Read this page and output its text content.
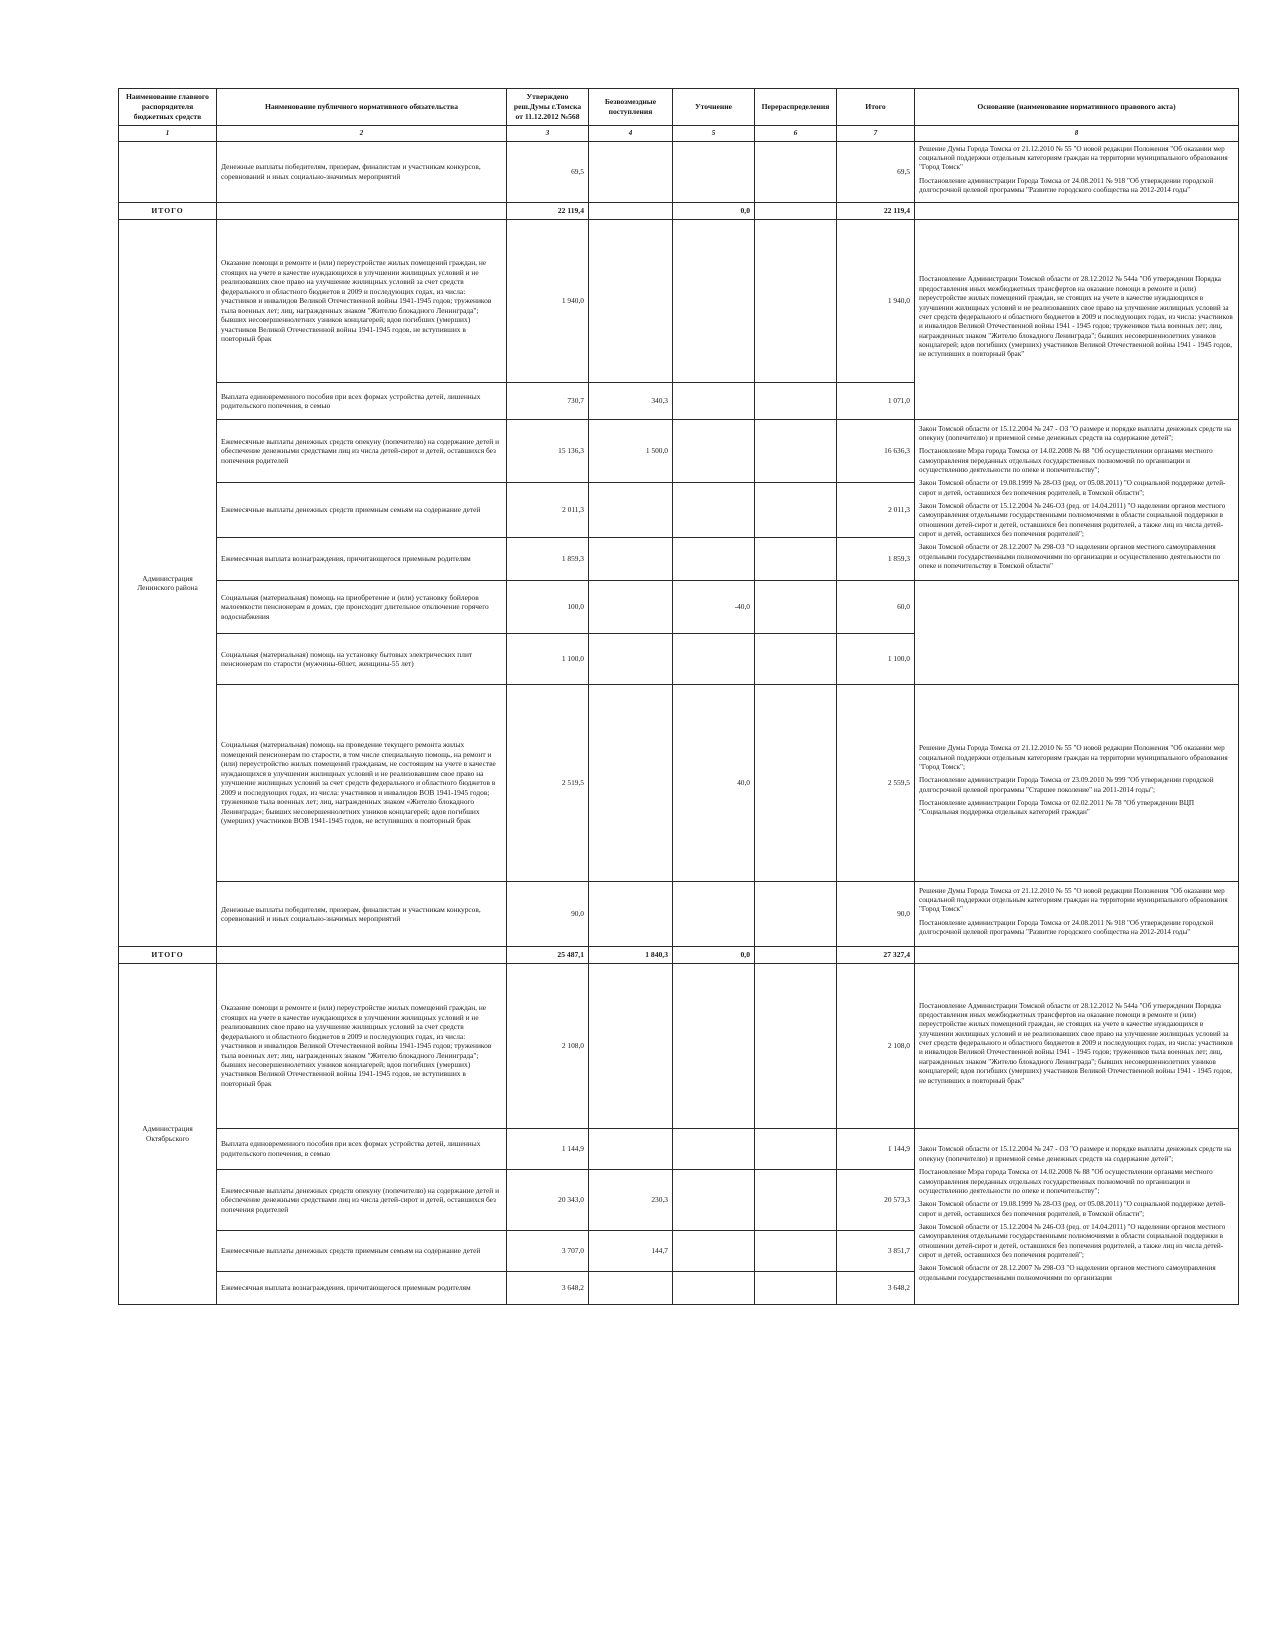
Наименование главного распорядителя бюджетных средств	Наименование публичного нормативного обязательства	Утверждено реш.Думы г.Томска от 11.12.2012 №568	Безвозмездные поступления	Уточнение	Перераспределения	Итого	Основание (наименование нормативного правового акта)
1	2	3	4	5	6	7	8
	Денежные выплаты победителям, призерам, финалистам и участникам конкурсов, соревнований и иных социально-значимых мероприятий	69,5				69,5	Решение Думы Города Томска от 21.12.2010 № 55 "О новой редакции Положения "Об оказании мер социальной поддержки отдельным категориям граждан на территории муниципального образования "Город Томск"

Постановление администрации Города Томска от 24.08.2011 № 918 "Об утверждении городской долгосрочной целевой программы "Развитие городского сообщества на 2012-2014 годы"

ИТОГО		22 119,4		0,0		22 119,4	
Администрация Ленинского района	Оказание помощи в ремонте и (или) переустройстве жилых помещений граждан, не стоящих на учете в качестве нуждающихся в улучшении жилищных условий и не реализовавших свое право на улучшение жилищных условий за счет средств федерального и областного бюджетов в 2009 и последующих годах, из числа: участников и инвалидов Великой Отечественной войны 1941-1945 годов; тружеников тыла военных лет; лиц, награжденных знаком "Жителю блокадного Ленинграда"; бывших несовершеннолетних узников концлагерей; вдов погибших (умерших) участников Великой Отечественной войны 1941-1945 годов, не вступивших в повторный брак	1 940,0				1 940,0	

Постановление Администрации Томской области от 28.12.2012 № 544а "Об утверждении Порядка предоставления иных межбюджетных трансфертов на оказание помощи в ремонте и (или) переустройстве жилых помещений граждан, не стоящих на учете в качестве нуждающихся в улучшении жилищных условий и не реализовавших свое право на улучшение жилищных условий за счет средств федерального и областного бюджетов в 2009 и последующих годах, из числа: участников и инвалидов Великой Отечественной войны 1941 - 1945 годов; тружеников тыла военных лет; лиц, награжденных знаком "Жителю блокадного Ленинграда"; бывших несовершеннолетних узников концлагерей; вдов погибших (умерших) участников Великой Отечественной войны 1941 - 1945 годов, не вступивших в повторный брак"

	Выплата единовременного пособия при всех формах устройства детей, лишенных родительского попечения, в семью	730,7	340,3			1 071,0	
	Ежемесячные выплаты денежных средств опекуну (попечителю) на содержание детей и обеспечение денежными средствами лиц из числа детей-сирот и детей, оставшихся без попечения родителей	15 136,3	1 500,0			16 636,3	Закон Томской области от 15.12.2004 № 247 - ОЗ "О размере и порядке выплаты денежных средств на опекуну (попечителю) и приемной семье денежных средств на содержание детей";

Постановление Мэра города Томска от 14.02.2008 № 88 "Об осуществлении органами местного самоуправления переданных отдельных государственных полномочий по организации и осуществлению деятельности по опеке и попечительству";

Закон Томской области от 19.08.1999 № 28-ОЗ (ред. от 05.08.2011) "О социальной поддержке детей-сирот и детей, оставшихся без попечения родителей, в Томской области";

Закон Томской области от 15.12.2004 № 246-ОЗ (ред. от 14.04.2011) "О наделении органов местного самоуправления отдельными государственными полномочиями в области социальной поддержки в отношении детей-сирот и детей, оставшихся без попечения родителей, а также лиц из числа детей-сирот и детей, оставшихся без попечения родителей";

Закон Томской области от 28.12.2007 № 298-ОЗ "О наделении органов местного самоуправления отдельными государственными полномочиями по организации и осуществлению деятельности по опеке и попечительству в Томской области"

	Ежемесячные выплаты денежных средств приемным семьям на содержание детей	2 011,3				2 011,3	
	Ежемесячная выплата вознаграждения, причитающегося приемным родителям	1 859,3				1 859,3	
	Социальная (материальная) помощь на приобретение и (или) установку бойлеров малоемкости пенсионерам в домах, где происходит длительное отключение горячего водоснабжения	100,0		-40,0		60,0	
	Социальная (материальная) помощь на установку бытовых электрических плит пенсионерам по старости (мужчины-60лет, женщины-55 лет)	1 100,0				1 100,0	
Социальная (материальная) помощь на проведение текущего ремонта жилых помещений пенсионерам по старости, в том числе специальную помощь, на ремонт и (или) переустройство жилых помещений гражданам, не состоящим на учете в качестве нуждающихся в улучшении жилищных условий и не реализовавшим свое право на улучшение жилищных условий за счет средств федерального и областного бюджетов в 2009 и последующих годах, из числа: участников и инвалидов ВОВ 1941-1945 годов; тружеников тыла военных лет; лиц, награжденных знаком «Жителю блокадного Ленинграда»; бывших несовершеннолетних узников концлагерей; вдов погибших (умерших) участников ВОВ 1941-1945 годов, не вступивших в повторный брак	2 519,5		40,0		2 559,5	

Решение Думы Города Томска от 21.12.2010 № 55 "О новой редакции Положения "Об оказании мер социальной поддержки отдельным категориям граждан на территории муниципального образования "Город Томск";

Постановление администрации Города Томска от 23.09.2010 № 999 "Об утверждении городской долгосрочной целевой программы "Старшее поколение" на 2011-2014 годы";

Постановление администрации Города Томска от 02.02.2011 № 78 "Об утверждении ВЦП "Социальная поддержка отдельных категорий граждан"

	Денежные выплаты победителям, призерам, финалистам и участникам конкурсов, соревнований и иных социально-значимых мероприятий	90,0				90,0	Решение Думы Города Томска от 21.12.2010 № 55 "О новой редакции Положения "Об оказании мер социальной поддержки отдельным категориям граждан на территории муниципального образования "Город Томск"

Постановление администрации Города Томска от 24.08.2011 № 918 "Об утверждении городской долгосрочной целевой программы "Развитие городского сообщества на 2012-2014 годы"

ИТОГО		25 487,1	1 840,3	0,0		27 327,4	
Администрация Октябрьского	Оказание помощи в ремонте и (или) переустройстве жилых помещений граждан, не стоящих на учете в качестве нуждающихся в улучшении жилищных условий и не реализовавших свое право на улучшение жилищных условий за счет средств федерального и областного бюджетов в 2009 и последующих годах, из числа: участников и инвалидов Великой Отечественной войны 1941-1945 годов; тружеников тыла военных лет; лиц, награжденных знаком "Жителю блокадного Ленинграда"; бывших несовершеннолетних узников концлагерей; вдов погибших (умерших) участников Великой Отечественной войны 1941-1945 годов, не вступивших в повторный брак	2 108,0				2 108,0	

Постановление Администрации Томской области от 28.12.2012 № 544а "Об утверждении Порядка предоставления иных межбюджетных трансфертов на оказание помощи в ремонте и (или) переустройстве жилых помещений граждан, не стоящих на учете в качестве нуждающихся в улучшении жилищных условий и не реализовавших свое право на улучшение жилищных условий за счет средств федерального и областного бюджетов в 2009 и последующих годах, из числа: участников и инвалидов Великой Отечественной войны 1941 - 1945 годов; тружеников тыла военных лет; лиц, награжденных знаком "Жителю блокадного Ленинграда"; бывших несовершеннолетних узников концлагерей; вдов погибших (умерших) участников Великой Отечественной войны 1941 - 1945 годов, не вступивших в повторный брак"

	Выплата единовременного пособия при всех формах устройства детей, лишенных родительского попечения, в семью	1 144,9				1 144,9	Закон Томской области от 15.12.2004 № 247 - ОЗ "О размере и порядке выплаты денежных средств на опекуну (попечителю) и приемной семье денежных средств на содержание детей";

Постановление Мэра города Томска от 14.02.2008 № 88 "Об осуществлении органами местного самоуправления переданных отдельных государственных полномочий по организации и осуществлению деятельности по опеке и попечительству";

Закон Томской области от 19.08.1999 № 28-ОЗ (ред. от 05.08.2011) "О социальной поддержке детей-сирот и детей, оставшихся без попечения родителей, в Томской области";

Закон Томской области от 15.12.2004 № 246-ОЗ (ред. от 14.04.2011) "О наделении органов местного самоуправления отдельными государственными полномочиями в области социальной поддержки в отношении детей-сирот и детей, оставшихся без попечения родителей, а также лиц из числа детей-сирот и детей, оставшихся без попечения родителей";

Закон Томской области от 28.12.2007 № 298-ОЗ "О наделении органов местного самоуправления отдельными государственными полномочиями по организации

	Ежемесячные выплаты денежных средств опекуну (попечителю) на содержание детей и обеспечение денежными средствами лиц из числа детей-сирот и детей, оставшихся без попечения родителей	20 343,0	230,3			20 573,3	
	Ежемесячные выплаты денежных средств приемным семьям на содержание детей	3 707,0	144,7			3 851,7	
	Ежемесячная выплата вознаграждения, причитающегося приемным родителям	3 648,2				3 648,2	
